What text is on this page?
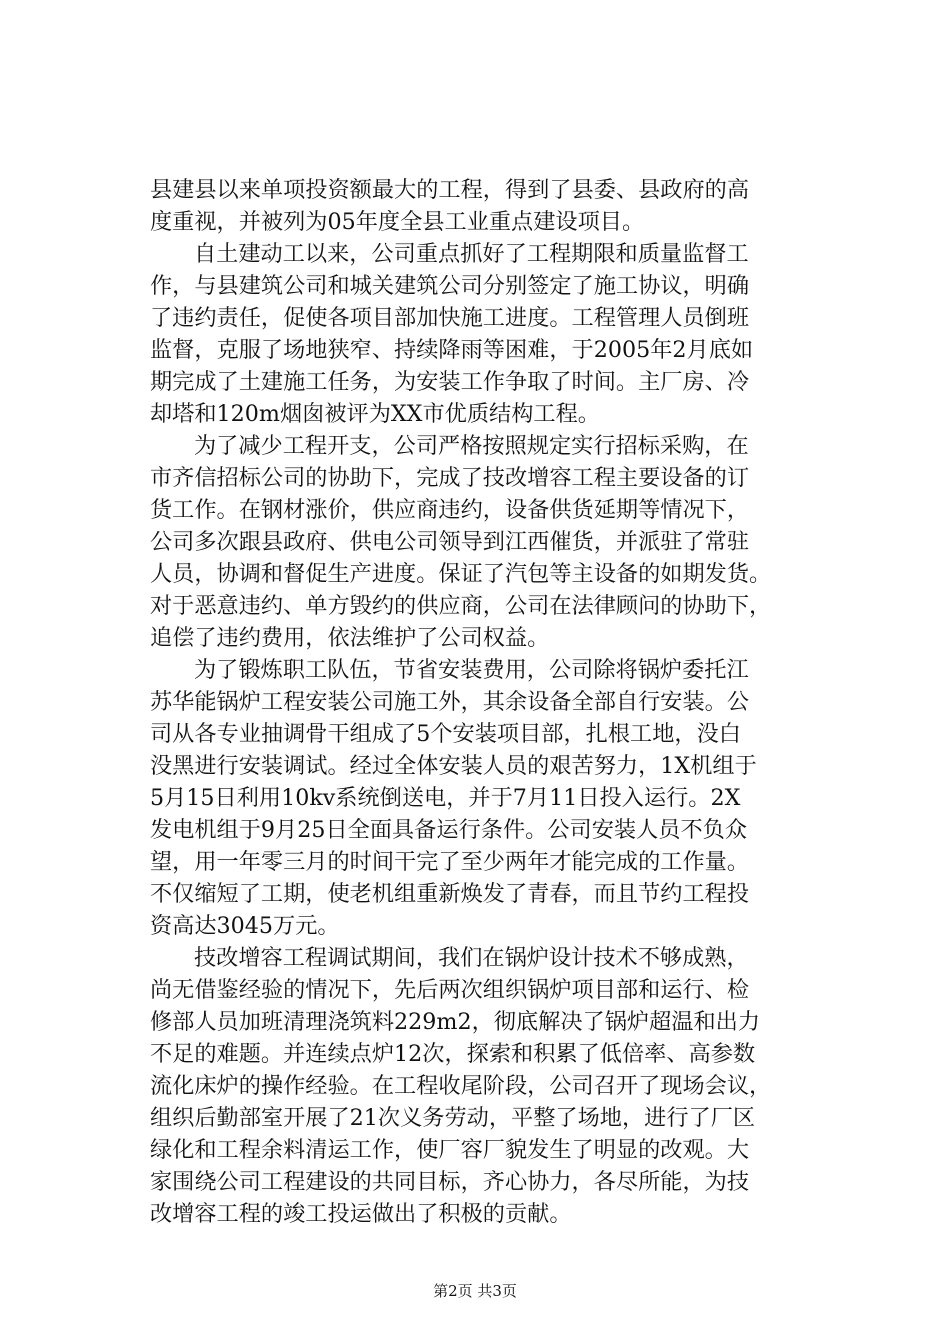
县建县以来单项投资额最大的工程，得到了县委、县政府的高
度重视，并被列为05年度全县工业重点建设项目。
自土建动工以来，公司重点抓好了工程期限和质量监督工
作，与县建筑公司和城关建筑公司分别签定了施工协议，明确
了违约责任，促使各项目部加快施工进度。工程管理人员倒班
监督，克服了场地狭窄、持续降雨等困难，于2005年2月底如
期完成了土建施工任务，为安装工作争取了时间。主厂房、冷
却塔和120m烟囱被评为XX市优质结构工程。
为了减少工程开支，公司严格按照规定实行招标采购，在
市齐信招标公司的协助下，完成了技改增容工程主要设备的订
货工作。在钢材涨价，供应商违约，设备供货延期等情况下，
公司多次跟县政府、供电公司领导到江西催货，并派驻了常驻
人员，协调和督促生产进度。保证了汽包等主设备的如期发货。
对于恶意违约、单方毁约的供应商，公司在法律顾问的协助下，
追偿了违约费用，依法维护了公司权益。
为了锻炼职工队伍，节省安装费用，公司除将锅炉委托江
苏华能锅炉工程安装公司施工外，其余设备全部自行安装。公
司从各专业抽调骨干组成了5个安装项目部，扎根工地，没白
没黑进行安装调试。经过全体安装人员的艰苦努力，1X机组于
5月15日利用10kv系统倒送电，并于7月11日投入运行。2X
发电机组于9月25日全面具备运行条件。公司安装人员不负众
望，用一年零三月的时间干完了至少两年才能完成的工作量。
不仅缩短了工期，使老机组重新焕发了青春，而且节约工程投
资高达3045万元。
技改增容工程调试期间，我们在锅炉设计技术不够成熟，
尚无借鉴经验的情况下，先后两次组织锅炉项目部和运行、检
修部人员加班清理浇筑料229m2，彻底解决了锅炉超温和出力
不足的难题。并连续点炉12次，探索和积累了低倍率、高参数
流化床炉的操作经验。在工程收尾阶段，公司召开了现场会议，
组织后勤部室开展了21次义务劳动，平整了场地，进行了厂区
绿化和工程余料清运工作，使厂容厂貌发生了明显的改观。大
家围绕公司工程建设的共同目标，齐心协力，各尽所能，为技
改增容工程的竣工投运做出了积极的贡献。
第2页 共3页
